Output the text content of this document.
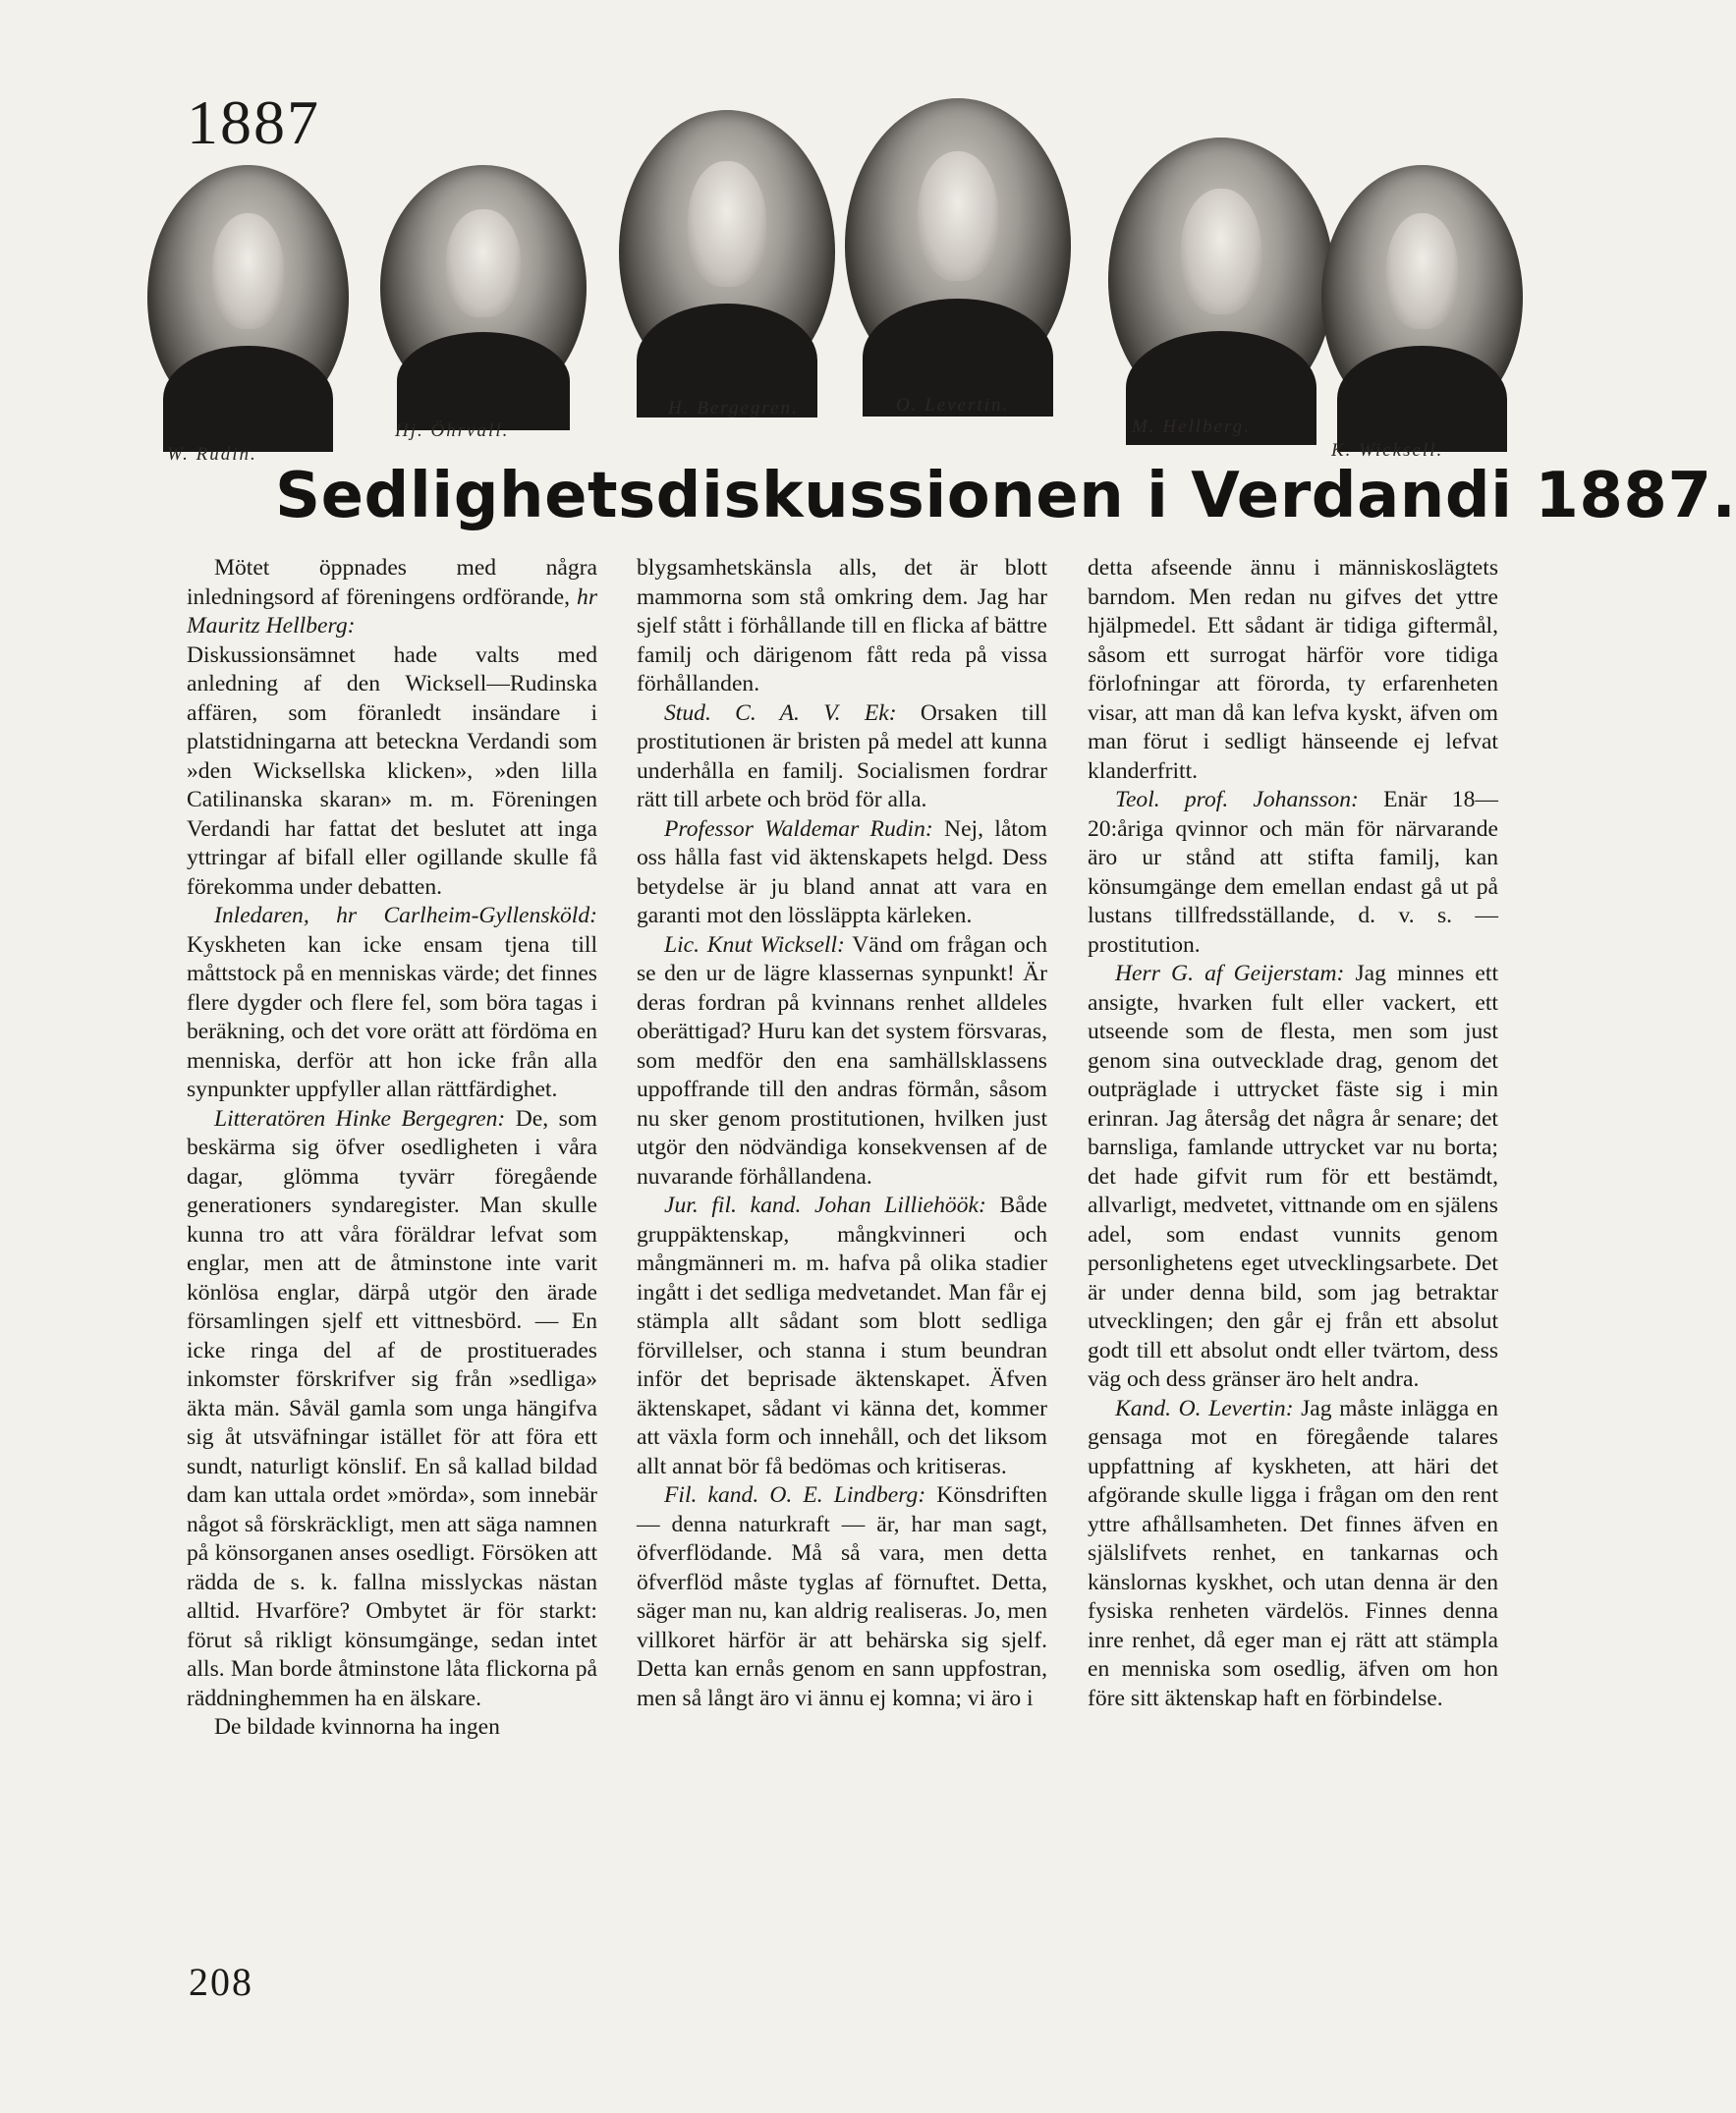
1887
W. Rudin.
Hj. Öhrvall.
H. Bergegren.	O. Levertin.
M. Hellberg.
K. Wicksell.
Sedlighetsdiskussionen i Verdandi 1887.

Mötet öppnades med några inledningsord af föreningens ordförande, hr Mauritz Hellberg:

Diskussionsämnet hade valts med anledning af den Wicksell—Rudinska affären, som föranledt insändare i platstidningarna att beteckna Verdandi som »den Wicksellska klicken», »den lilla Catilinanska skaran» m. m. Föreningen Verdandi har fattat det beslutet att inga yttringar af bifall eller ogillande skulle få förekomma under debatten.

Inledaren, hr Carlheim-Gyllensköld: Kyskheten kan icke ensam tjena till måttstock på en menniskas värde; det finnes flere dygder och flere fel, som böra tagas i beräkning, och det vore orätt att fördöma en menniska, derför att hon icke från alla synpunkter uppfyller allan rättfärdighet.

Litteratören Hinke Bergegren: De, som beskärma sig öfver osedligheten i våra dagar, glömma tyvärr föregående generationers syndaregister. Man skulle kunna tro att våra föräldrar lefvat som englar, men att de åtminstone inte varit könlösa englar, därpå utgör den ärade församlingen sjelf ett vittnesbörd. — En icke ringa del af de prostituerades inkomster förskrifver sig från »sedliga» äkta män. Såväl gamla som unga hängifva sig åt utsväfningar istället för att föra ett sundt, naturligt könslif. En så kallad bildad dam kan uttala ordet »mörda», som innebär något så förskräckligt, men att säga namnen på könsorganen anses osedligt. Försöken att rädda de s. k. fallna misslyckas nästan alltid. Hvarföre? Ombytet är för starkt: förut så rikligt könsumgänge, sedan intet alls. Man borde åtminstone låta flickorna på räddninghemmen ha en älskare.

De bildade kvinnorna ha ingen

blygsamhetskänsla alls, det är blott mammorna som stå omkring dem. Jag har sjelf stått i förhållande till en flicka af bättre familj och därigenom fått reda på vissa förhållanden.

Stud. C. A. V. Ek: Orsaken till prostitutionen är bristen på medel att kunna underhålla en familj. Socialismen fordrar rätt till arbete och bröd för alla.

Professor Waldemar Rudin: Nej, låtom oss hålla fast vid äktenskapets helgd. Dess betydelse är ju bland annat att vara en garanti mot den lössläppta kärleken.

Lic. Knut Wicksell: Vänd om frågan och se den ur de lägre klassernas synpunkt! Är deras fordran på kvinnans renhet alldeles oberättigad? Huru kan det system försvaras, som medför den ena samhällsklassens uppoffrande till den andras förmån, såsom nu sker genom prostitutionen, hvilken just utgör den nödvändiga konsekvensen af de nuvarande förhållandena.

Jur. fil. kand. Johan Lilliehöök: Både gruppäktenskap, mångkvinneri och mångmänneri m. m. hafva på olika stadier ingått i det sedliga medvetandet. Man får ej stämpla allt sådant som blott sedliga förvillelser, och stanna i stum beundran inför det beprisade äktenskapet. Äfven äktenskapet, sådant vi känna det, kommer att växla form och innehåll, och det liksom allt annat bör få bedömas och kritiseras.

Fil. kand. O. E. Lindberg: Könsdriften — denna naturkraft — är, har man sagt, öfverflödande. Må så vara, men detta öfverflöd måste tyglas af förnuftet. Detta, säger man nu, kan aldrig realiseras. Jo, men villkoret härför är att behärska sig sjelf. Detta kan ernås genom en sann uppfostran, men så långt äro vi ännu ej komna; vi äro i

detta afseende ännu i människoslägtets barndom. Men redan nu gifves det yttre hjälpmedel. Ett sådant är tidiga giftermål, såsom ett surrogat härför vore tidiga förlofningar att förorda, ty erfarenheten visar, att man då kan lefva kyskt, äfven om man förut i sedligt hänseende ej lefvat klanderfritt.

Teol. prof. Johansson: Enär 18—20:åriga qvinnor och män för närvarande äro ur stånd att stifta familj, kan könsumgänge dem emellan endast gå ut på lustans tillfredsställande, d. v. s. — prostitution.

Herr G. af Geijerstam: Jag minnes ett ansigte, hvarken fult eller vackert, ett utseende som de flesta, men som just genom sina outvecklade drag, genom det outpräglade i uttrycket fäste sig i min erinran. Jag återsåg det några år senare; det barnsliga, famlande uttrycket var nu borta; det hade gifvit rum för ett bestämdt, allvarligt, medvetet, vittnande om en själens adel, som endast vunnits genom personlighetens eget utvecklingsarbete. Det är under denna bild, som jag betraktar utvecklingen; den går ej från ett absolut godt till ett absolut ondt eller tvärtom, dess väg och dess gränser äro helt andra.

Kand. O. Levertin: Jag måste inlägga en gensaga mot en föregående talares uppfattning af kyskheten, att häri det afgörande skulle ligga i frågan om den rent yttre afhållsamheten. Det finnes äfven en själslifvets renhet, en tankarnas och känslornas kyskhet, och utan denna är den fysiska renheten värdelös. Finnes denna inre renhet, då eger man ej rätt att stämpla en menniska som osedlig, äfven om hon före sitt äktenskap haft en förbindelse.

208
